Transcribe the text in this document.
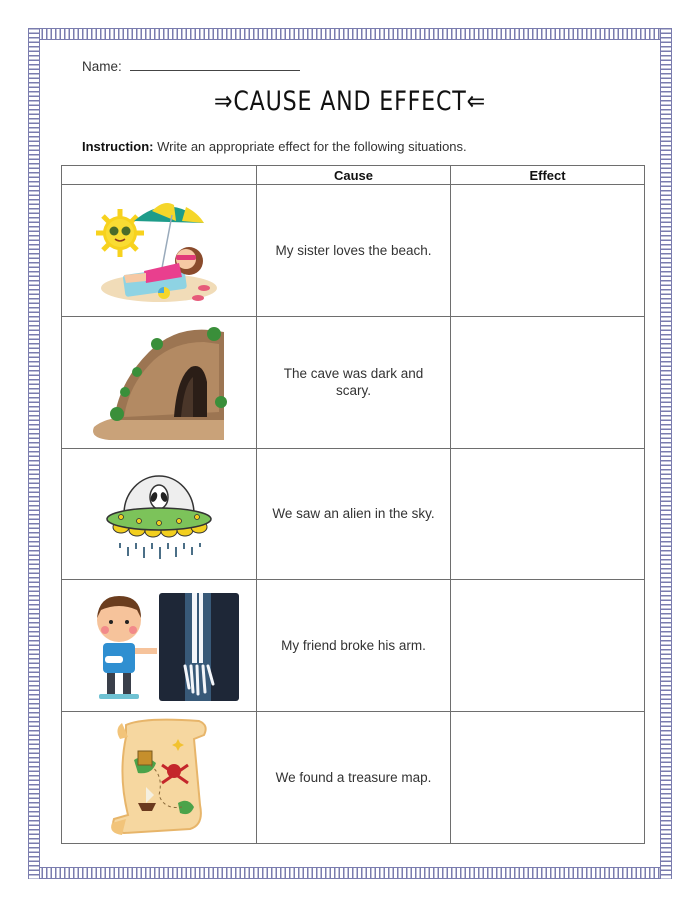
Name:
⇒CAUSE AND EFFECT⇐
Instruction: Write an appropriate effect for the following situations.
	Cause	Effect

	My sister loves the beach.	

	The cave was dark and scary.	

	We saw an alien in the sky.	

	My friend broke his arm.	

	We found a treasure map.	
